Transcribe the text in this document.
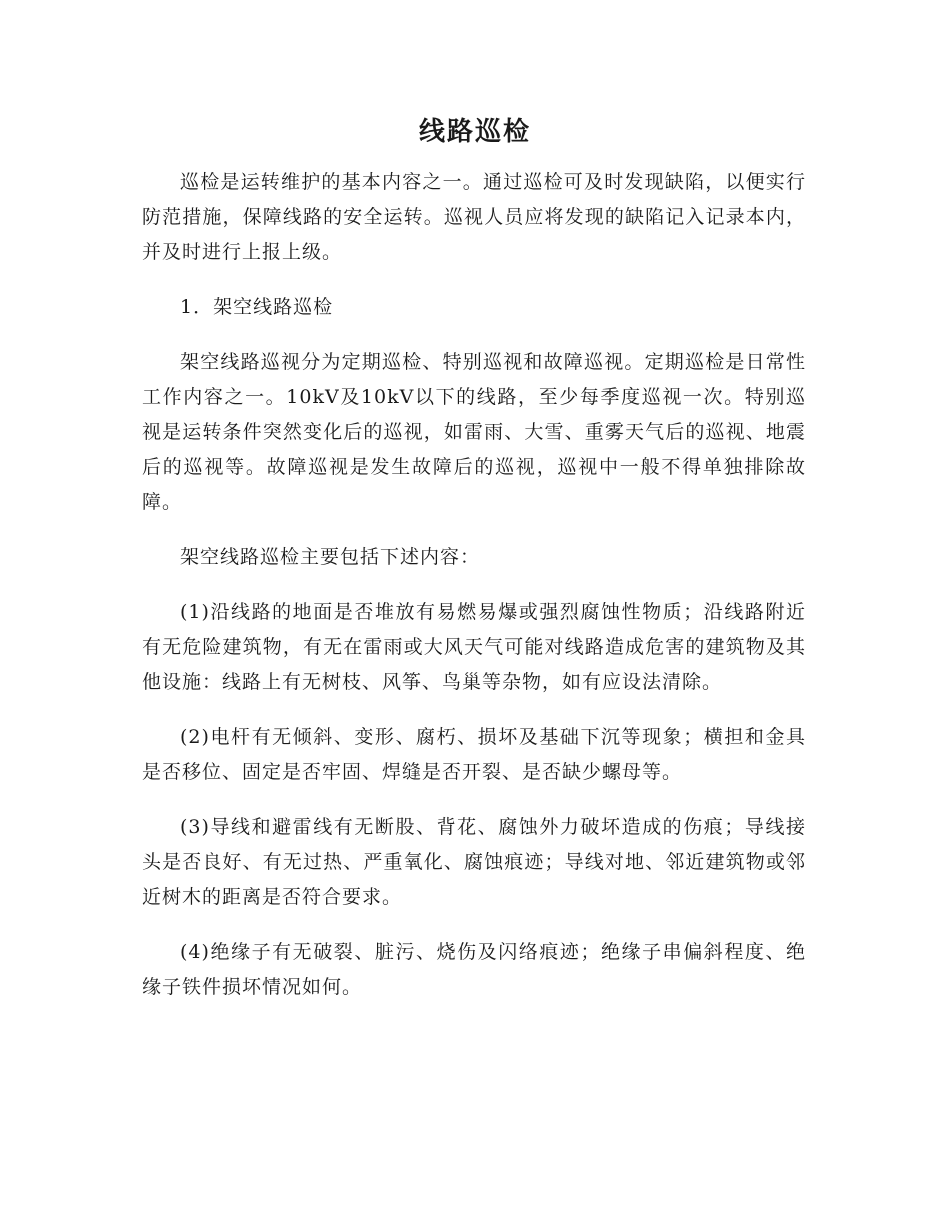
线路巡检

巡检是运转维护的基本内容之一。通过巡检可及时发现缺陷，以便实行防范措施，保障线路的安全运转。巡视人员应将发现的缺陷记入记录本内，并及时进行上报上级。

1．架空线路巡检

架空线路巡视分为定期巡检、特别巡视和故障巡视。定期巡检是日常性工作内容之一。10kV及10kV以下的线路，至少每季度巡视一次。特别巡视是运转条件突然变化后的巡视，如雷雨、大雪、重雾天气后的巡视、地震后的巡视等。故障巡视是发生故障后的巡视，巡视中一般不得单独排除故障。

架空线路巡检主要包括下述内容：

(1)沿线路的地面是否堆放有易燃易爆或强烈腐蚀性物质；沿线路附近有无危险建筑物，有无在雷雨或大风天气可能对线路造成危害的建筑物及其他设施：线路上有无树枝、风筝、鸟巢等杂物，如有应设法清除。

(2)电杆有无倾斜、变形、腐朽、损坏及基础下沉等现象；横担和金具是否移位、固定是否牢固、焊缝是否开裂、是否缺少螺母等。

(3)导线和避雷线有无断股、背花、腐蚀外力破坏造成的伤痕；导线接头是否良好、有无过热、严重氧化、腐蚀痕迹；导线对地、邻近建筑物或邻近树木的距离是否符合要求。

(4)绝缘子有无破裂、脏污、烧伤及闪络痕迹；绝缘子串偏斜程度、绝缘子铁件损坏情况如何。
